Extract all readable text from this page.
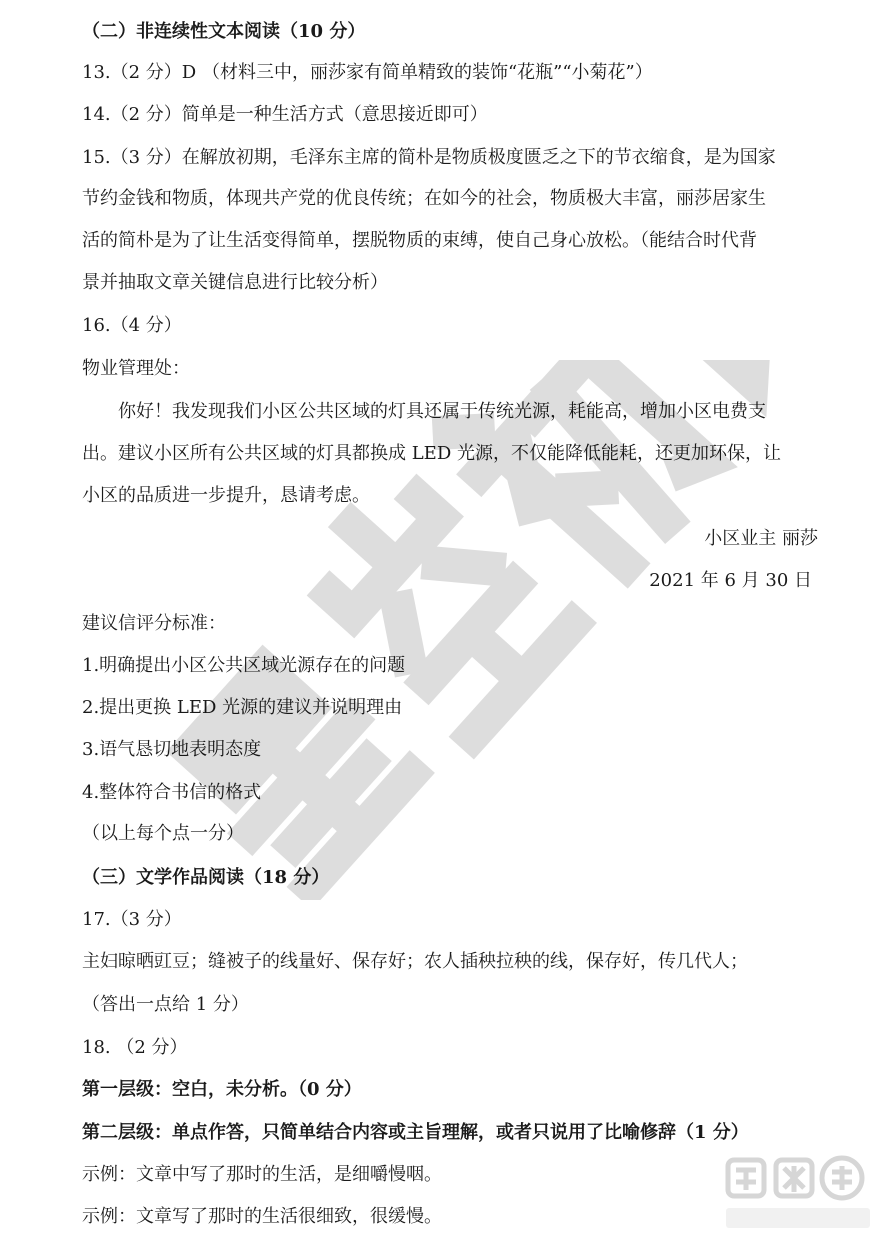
（二）非连续性文本阅读（10 分）
13.（2 分）D （材料三中，丽莎家有简单精致的装饰“花瓶”“小菊花”）
14.（2 分）简单是一种生活方式（意思接近即可）
15.（3 分）在解放初期，毛泽东主席的简朴是物质极度匮乏之下的节衣缩食，是为国家
节约金钱和物质，体现共产党的优良传统；在如今的社会，物质极大丰富，丽莎居家生
活的简朴是为了让生活变得简单，摆脱物质的束缚，使自己身心放松。（能结合时代背
景并抽取文章关键信息进行比较分析）
16.（4 分）
物业管理处：
你好！我发现我们小区公共区域的灯具还属于传统光源，耗能高，增加小区电费支
出。建议小区所有公共区域的灯具都换成 LED 光源，不仅能降低能耗，还更加环保，让
小区的品质进一步提升，恳请考虑。
小区业主 丽莎
2021 年 6 月 30 日
建议信评分标准：
1.明确提出小区公共区域光源存在的问题
2.提出更换 LED 光源的建议并说明理由
3.语气恳切地表明态度
4.整体符合书信的格式
（以上每个点一分）
（三）文学作品阅读（18 分）
17.（3 分）
主妇晾晒豇豆；缝被子的线量好、保存好；农人插秧拉秧的线，保存好，传几代人；
（答出一点给 1 分）
18. （2 分）
第一层级：空白，未分析。（0 分）
第二层级：单点作答，只简单结合内容或主旨理解，或者只说用了比喻修辞（1 分）
示例：文章中写了那时的生活，是细嚼慢咽。
示例：文章写了那时的生活很细致，很缓慢。
